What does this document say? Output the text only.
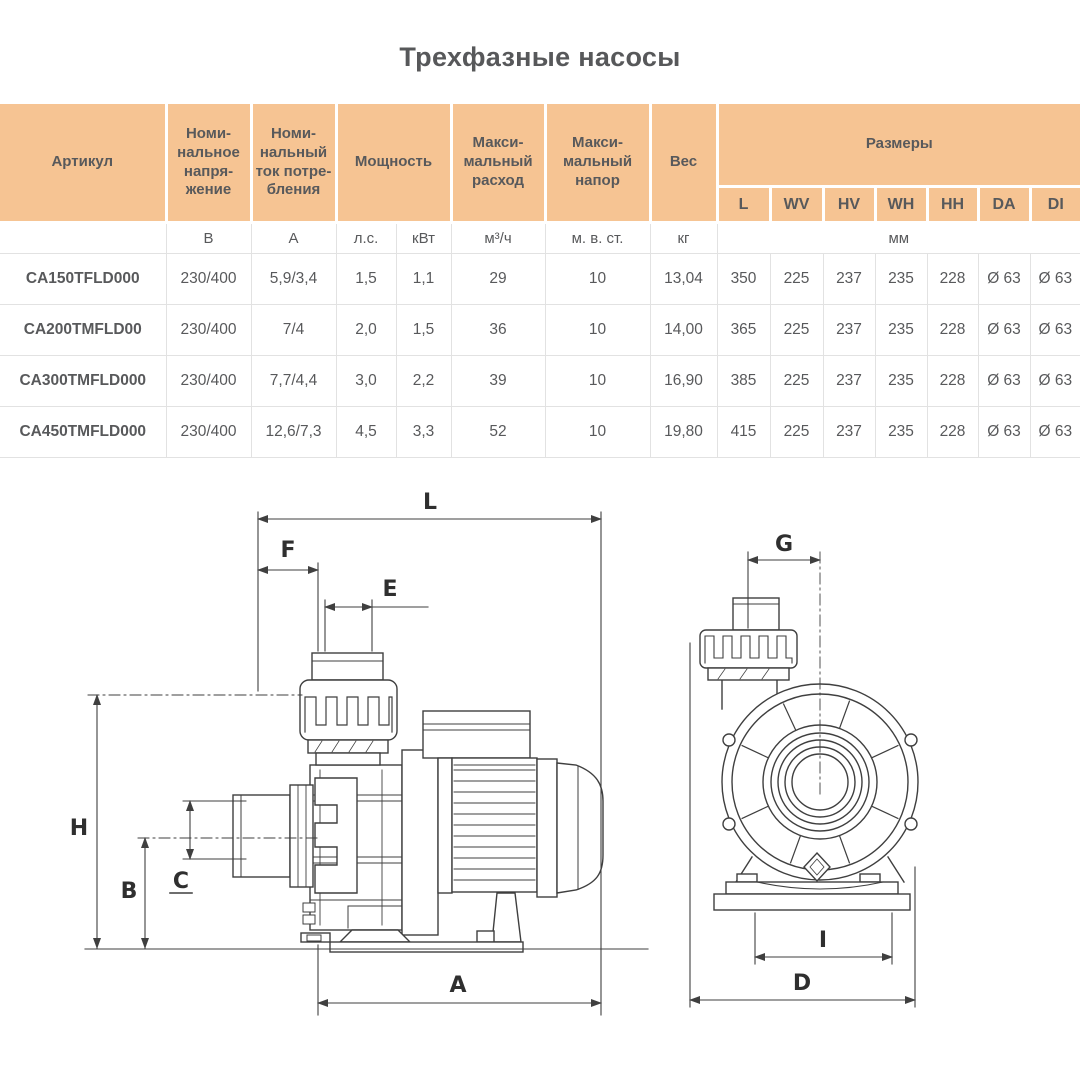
Трехфазные насосы
Артикул	Номи-нальное напря-жение	Номи-нальный ток потре-бления	Мощность		Макси-мальный расход	Макси-мальный напор	Вес	Размеры						
								L	WV	HV	WH	HH	DA	DI
	В	А	л.с.	кВт	м³/ч	м. в. ст.	кг	мм						
CA150TFLD000	230/400	5,9/3,4	1,5	1,1	29	10	13,04	350	225	237	235	228	Ø 63	Ø 63
CA200TMFLD00	230/400	7/4	2,0	1,5	36	10	14,00	365	225	237	235	228	Ø 63	Ø 63
CA300TMFLD000	230/400	7,7/4,4	3,0	2,2	39	10	16,90	385	225	237	235	228	Ø 63	Ø 63
CA450TMFLD000	230/400	12,6/7,3	4,5	3,3	52	10	19,80	415	225	237	235	228	Ø 63	Ø 63
L
F
E
H
B C
A
G
I
D
